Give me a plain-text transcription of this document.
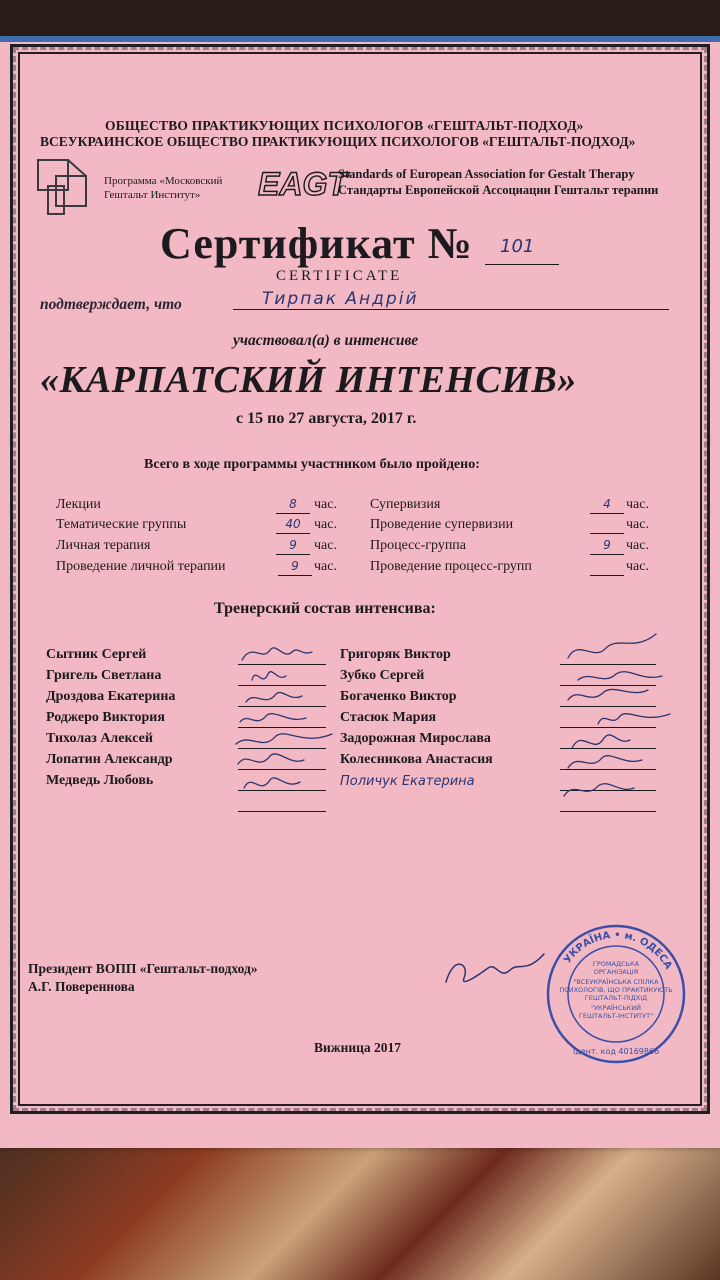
ОБЩЕСТВО ПРАКТИКУЮЩИХ ПСИХОЛОГОВ «ГЕШТАЛЬТ-ПОДХОД»
ВСЕУКРАИНСКОЕ ОБЩЕСТВО ПРАКТИКУЮЩИХ ПСИХОЛОГОВ «ГЕШТАЛЬТ-ПОДХОД»
Программа «Московский
Гештальт Институт»	EAGT
Standards of European Association for Gestalt Therapy
Стандарты Европейской Ассоциации Гештальт терапии
Сертификат № 101
CERTIFICATE
подтверждает, что	Тирпак Андрій
участвовал(а) в интенсиве
«КАРПАТСКИЙ ИНТЕНСИВ»
с 15 по 27 августа, 2017 г.
Всего в ходе программы участником было пройдено:
Лекции	8	час.
Тематические группы	40 час.
Личная терапия	9	час.
Проведение личной терапии	9	час.
Супервизия	4	час.
Проведение супервизии	час.
Процесс-группа	9	час.
Проведение процесс-групп	час.
Тренерский состав интенсива:
Сытник Сергей
Григель Светлана
Дроздова Екатерина
Роджеро Виктория
Тихолаз Алексей
Лопатин Александр
Медведь Любовь
Григоряк Виктор
Зубко Сергей
Богаченко Виктор
Стасюк Мария
Задорожная Мирослава
Колесникова Анастасия
Поличук Екатерина
Президент ВОПП «Гештальт-подход»
А.Г. Повереннова
Вижница 2017
УКРАЇНА • м. ОДЕСА
ГРОМАДСЬКА
ОРГАНІЗАЦІЯ
"ВСЕУКРАЇНСЬКА СПІЛКА
ПСИХОЛОГІВ, ЩО ПРАКТИКУЮТЬ
ГЕШТАЛЬТ-ПІДХІД
"УКРАЇНСЬКИЙ
ГЕШТАЛЬТ-ІНСТИТУТ"
Ідент. код 40169866
